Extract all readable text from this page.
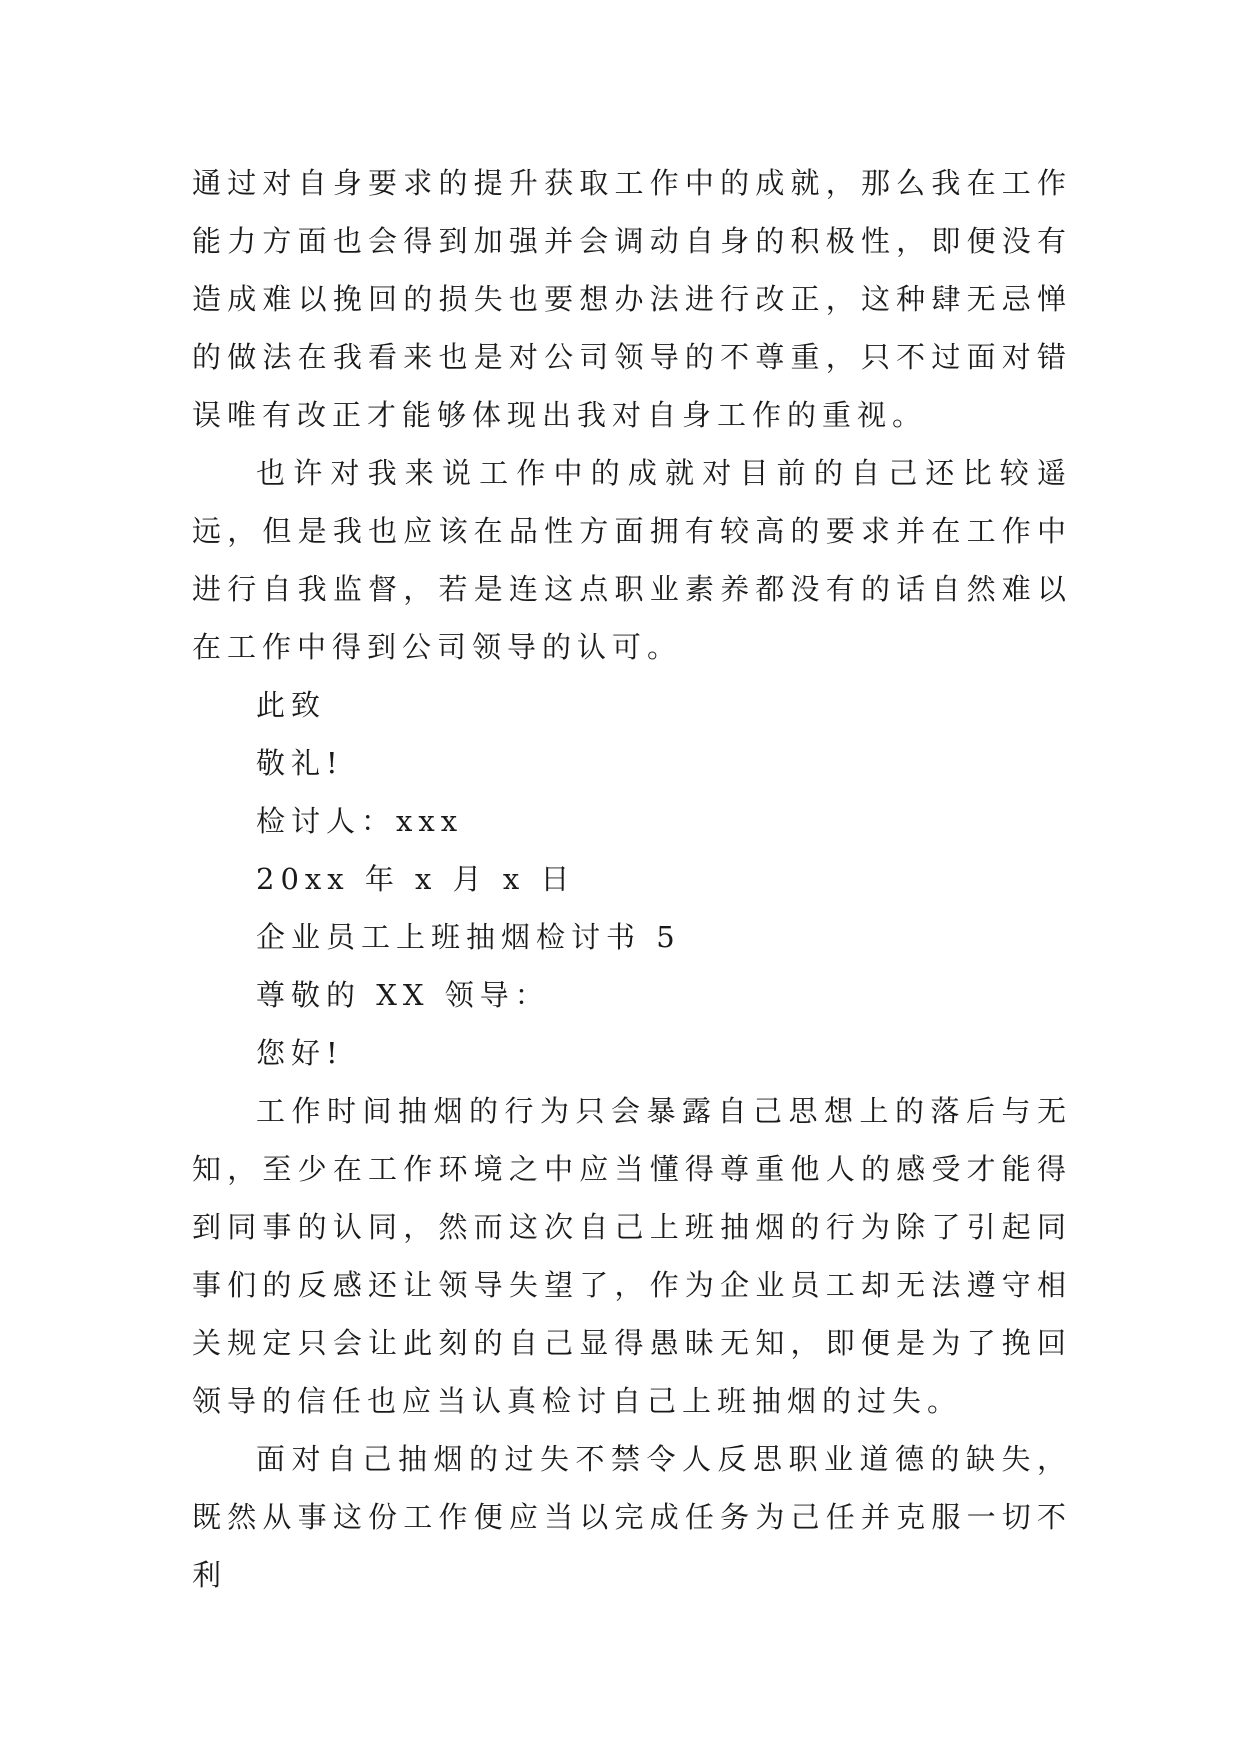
通过对自身要求的提升获取工作中的成就，那么我在工作能力方面也会得到加强并会调动自身的积极性，即便没有造成难以挽回的损失也要想办法进行改正，这种肆无忌惮的做法在我看来也是对公司领导的不尊重，只不过面对错误唯有改正才能够体现出我对自身工作的重视。

也许对我来说工作中的成就对目前的自己还比较遥远，但是我也应该在品性方面拥有较高的要求并在工作中进行自我监督，若是连这点职业素养都没有的话自然难以在工作中得到公司领导的认可。

此致

敬礼!

检讨人：xxx

20xx 年 x 月 x 日

企业员工上班抽烟检讨书 5

尊敬的 XX 领导：

您好!

工作时间抽烟的行为只会暴露自己思想上的落后与无知，至少在工作环境之中应当懂得尊重他人的感受才能得到同事的认同，然而这次自己上班抽烟的行为除了引起同事们的反感还让领导失望了，作为企业员工却无法遵守相关规定只会让此刻的自己显得愚昧无知，即便是为了挽回领导的信任也应当认真检讨自己上班抽烟的过失。

面对自己抽烟的过失不禁令人反思职业道德的缺失，既然从事这份工作便应当以完成任务为己任并克服一切不利
